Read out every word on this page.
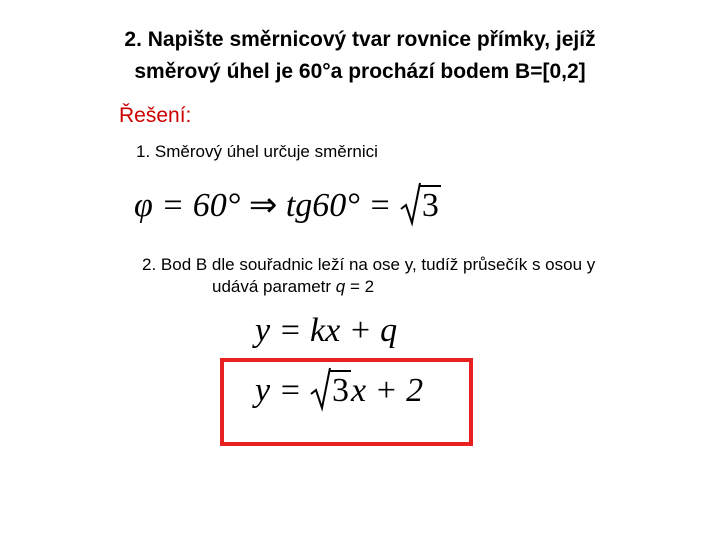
2. Napište směrnicový tvar rovnice přímky, jejíž
směrový úhel je 60°a prochází bodem B=[0,2]
Řešení:
1. Směrový úhel určuje směrnici
φ = 60° ⇒ tg60° =
3
2. Bod B dle souřadnic leží na ose y, tudíž průsečík s osou y
udává parametr q = 2
y = kx + q
y =
3x + 2
